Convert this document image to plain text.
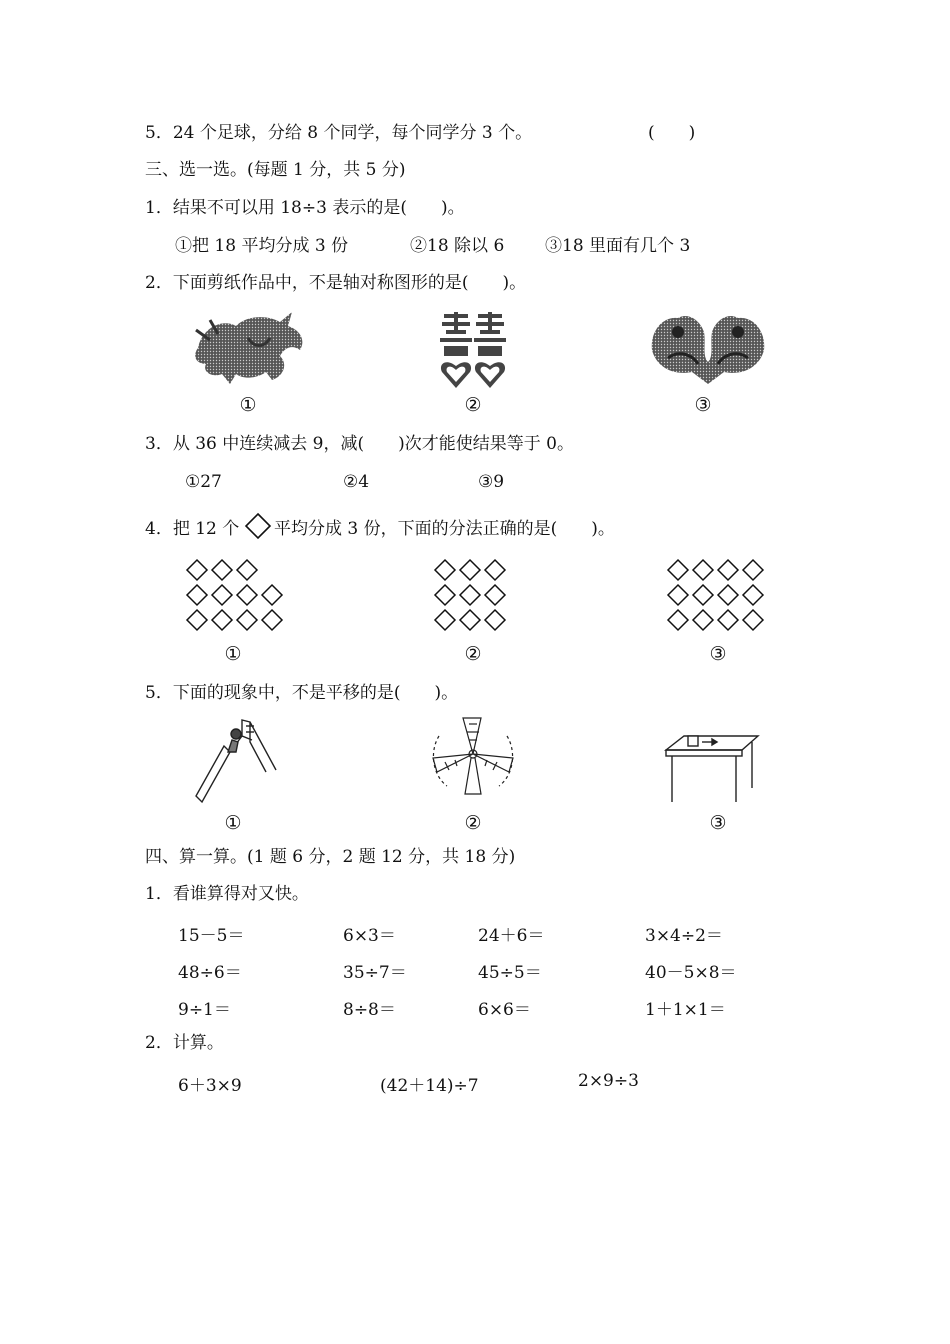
5．24 个足球，分给 8 个同学，每个同学分 3 个。	(　　)
三、选一选。(每题 1 分，共 5 分)
1．结果不可以用 18÷3 表示的是(　　)。
①把 18 平均分成 3 份	②18 除以 6 ③18 里面有几个 3
2．下面剪纸作品中，不是轴对称图形的是(　　)。
①	②	③
3．从 36 中连续减去 9，减(　　)次才能使结果等于 0。
①27	②4	③9
4．把 12 个 平均分成 3 份，下面的分法正确的是(　　)。
①	②	③
5．下面的现象中，不是平移的是(　　)。
①	②	③
四、算一算。(1 题 6 分，2 题 12 分，共 18 分)
1．看谁算得对又快。
15－5＝	6×3＝	24＋6＝	3×4÷2＝
48÷6＝	35÷7＝	45÷5＝	40－5×8＝
9÷1＝	8÷8＝	6×6＝	1＋1×1＝
2．计算。
6＋3×9	(42＋14)÷7	2×9÷3
